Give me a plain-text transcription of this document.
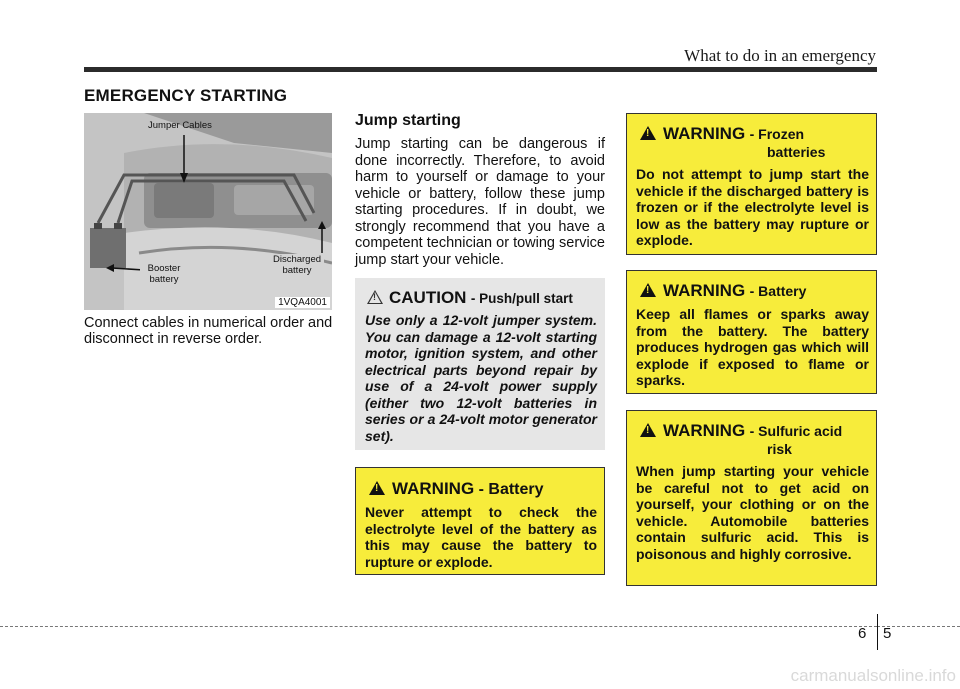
What to do in an emergency
EMERGENCY STARTING
Jumper Cables
Booster
battery
Discharged
battery
1VQA4001
Connect cables in numerical order and disconnect in reverse order.
Jump starting
Jump starting can be dangerous if done incorrectly. Therefore, to avoid harm to yourself or damage to your vehicle or battery, follow these jump starting procedures. If in doubt, we strongly recommend that you have a competent technician or towing service jump start your vehicle.
!
CAUTION - Push/pull start
Use only a 12-volt jumper system. You can damage a 12-volt starting motor, ignition system, and other electrical parts beyond repair by use of a 24-volt power supply (either two 12-volt batteries in series or a 24-volt motor generator set).
!
WARNING - Battery
Never attempt to check the electrolyte level of the battery as this may cause the battery to rupture or explode.
!
WARNING - Frozen
batteries
Do not attempt to jump start the vehicle if the discharged battery is frozen or if the electrolyte level is low as the battery may rupture or explode.
!
WARNING - Battery
Keep all flames or sparks away from the battery. The battery produces hydrogen gas which will explode if exposed to flame or sparks.
!
WARNING - Sulfuric acid
risk
When jump starting your vehicle be careful not to get acid on yourself, your clothing or on the vehicle. Automobile batteries contain sulfuric acid. This is poisonous and highly corrosive.
6 5
carmanualsonline.info
